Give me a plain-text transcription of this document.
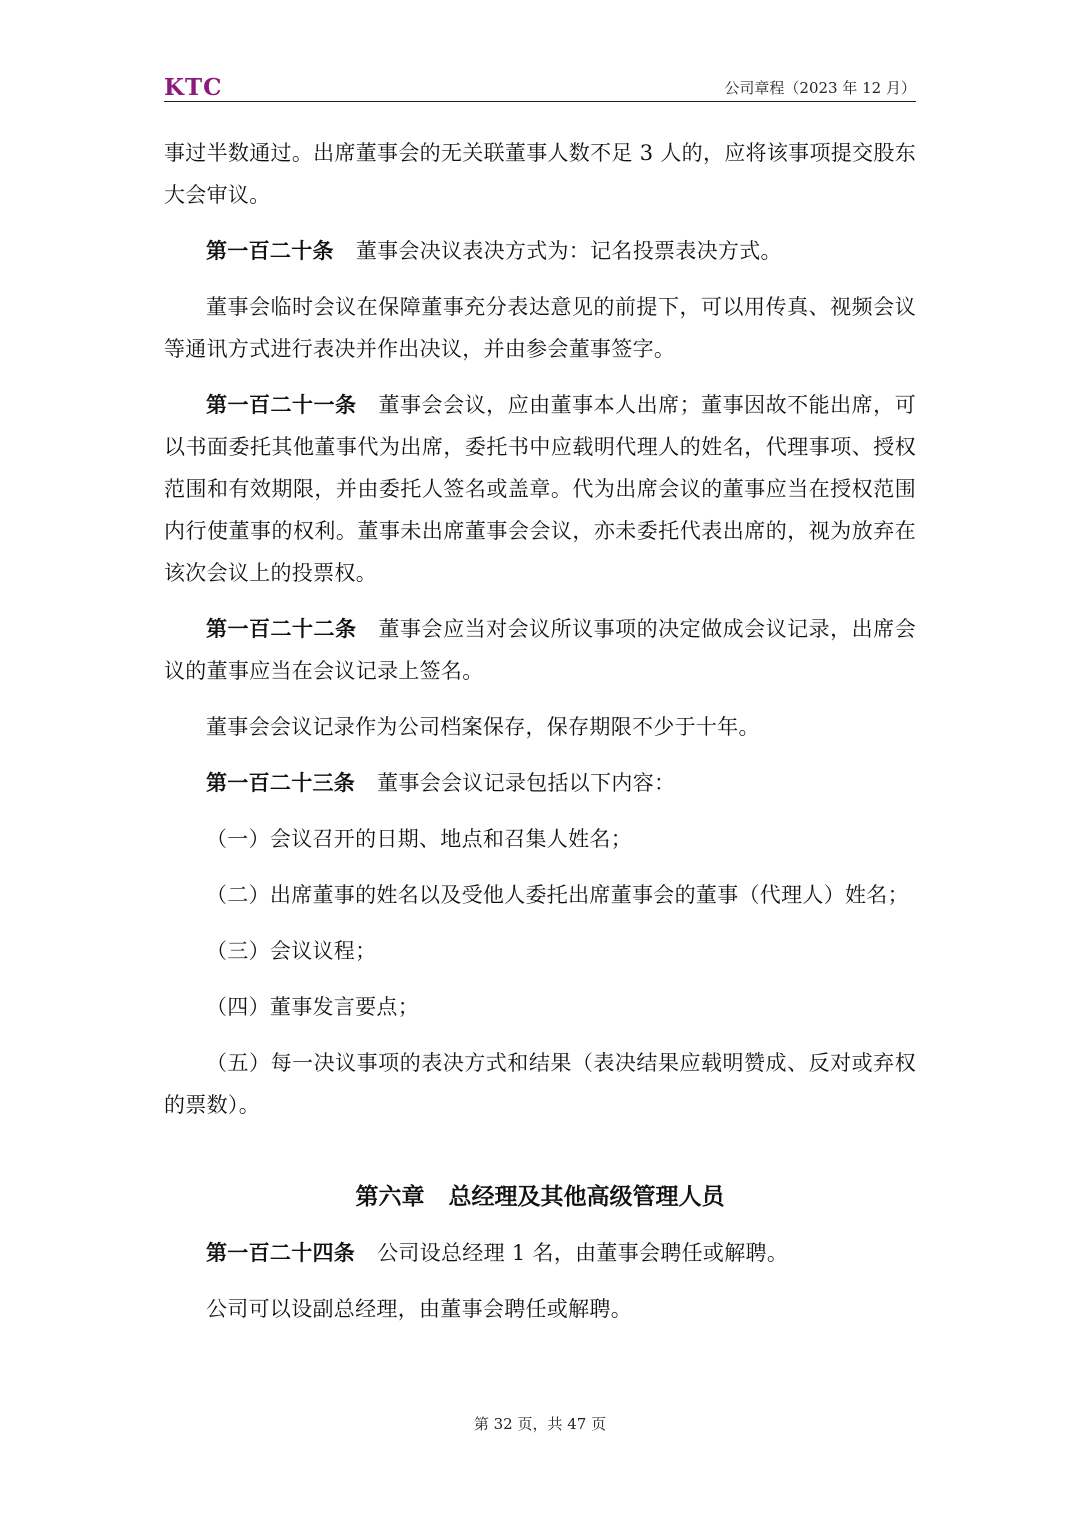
KTC	公司章程（2023 年 12 月）

事过半数通过。出席董事会的无关联董事人数不足 3 人的，应将该事项提交股东大会审议。

第一百二十条 董事会决议表决方式为：记名投票表决方式。

董事会临时会议在保障董事充分表达意见的前提下，可以用传真、视频会议等通讯方式进行表决并作出决议，并由参会董事签字。

第一百二十一条 董事会会议，应由董事本人出席；董事因故不能出席，可以书面委托其他董事代为出席，委托书中应载明代理人的姓名，代理事项、授权范围和有效期限，并由委托人签名或盖章。代为出席会议的董事应当在授权范围内行使董事的权利。董事未出席董事会会议，亦未委托代表出席的，视为放弃在该次会议上的投票权。

第一百二十二条 董事会应当对会议所议事项的决定做成会议记录，出席会议的董事应当在会议记录上签名。

董事会会议记录作为公司档案保存，保存期限不少于十年。

第一百二十三条 董事会会议记录包括以下内容：

（一）会议召开的日期、地点和召集人姓名；

（二）出席董事的姓名以及受他人委托出席董事会的董事（代理人）姓名；

（三）会议议程；

（四）董事发言要点；

（五）每一决议事项的表决方式和结果（表决结果应载明赞成、反对或弃权的票数）。

第六章 总经理及其他高级管理人员

第一百二十四条 公司设总经理 1 名，由董事会聘任或解聘。

公司可以设副总经理，由董事会聘任或解聘。

第 32 页，共 47 页
